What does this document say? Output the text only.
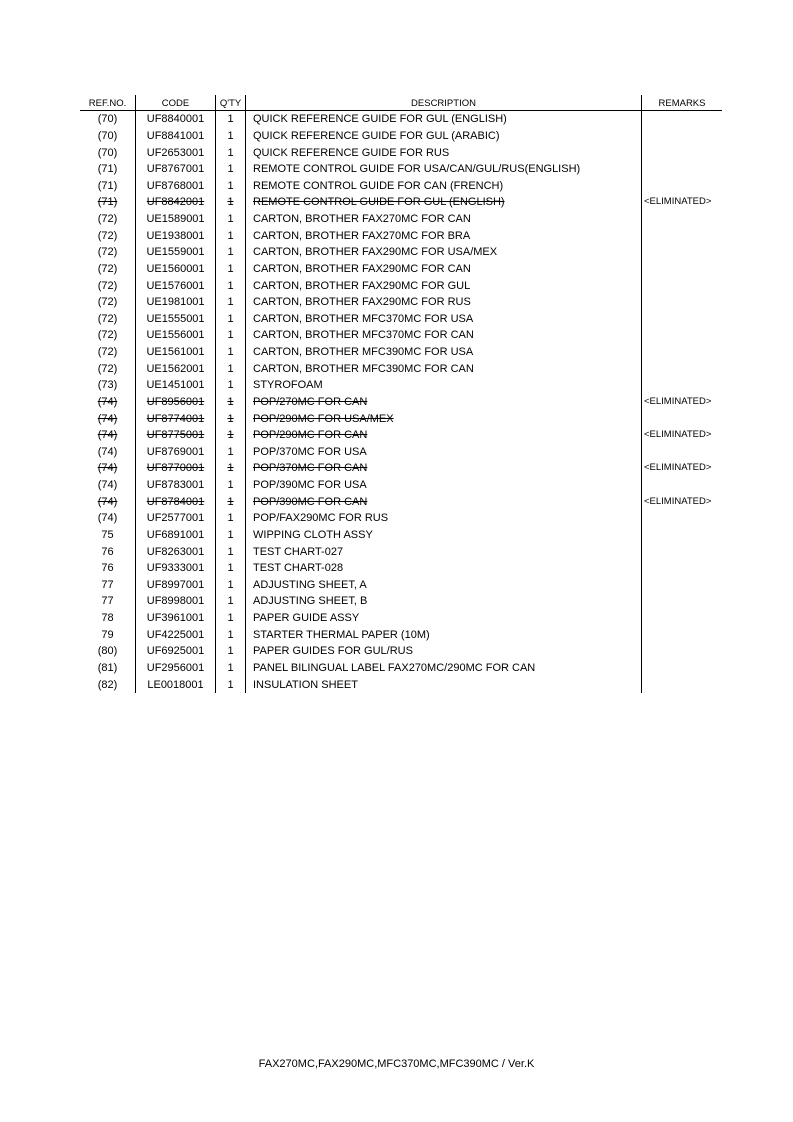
REF.NO.	CODE	Q'TY	DESCRIPTION	REMARKS
(70)	UF8840001	1	QUICK REFERENCE GUIDE FOR GUL (ENGLISH)	
(70)	UF8841001	1	QUICK REFERENCE GUIDE FOR GUL (ARABIC)	
(70)	UF2653001	1	QUICK REFERENCE GUIDE FOR RUS	
(71)	UF8767001	1	REMOTE CONTROL GUIDE FOR USA/CAN/GUL/RUS(ENGLISH)	
(71)	UF8768001	1	REMOTE CONTROL GUIDE FOR CAN (FRENCH)	
(71)	UF8842001	1	REMOTE CONTROL GUIDE FOR GUL (ENGLISH)	<ELIMINATED>
(72)	UE1589001	1	CARTON, BROTHER FAX270MC FOR CAN	
(72)	UE1938001	1	CARTON, BROTHER FAX270MC FOR BRA	
(72)	UE1559001	1	CARTON, BROTHER FAX290MC FOR USA/MEX	
(72)	UE1560001	1	CARTON, BROTHER FAX290MC FOR CAN	
(72)	UE1576001	1	CARTON, BROTHER FAX290MC FOR GUL	
(72)	UE1981001	1	CARTON, BROTHER FAX290MC FOR RUS	
(72)	UE1555001	1	CARTON, BROTHER MFC370MC FOR USA	
(72)	UE1556001	1	CARTON, BROTHER MFC370MC FOR CAN	
(72)	UE1561001	1	CARTON, BROTHER MFC390MC FOR USA	
(72)	UE1562001	1	CARTON, BROTHER MFC390MC FOR CAN	
(73)	UE1451001	1	STYROFOAM	
(74)	UF8956001	1	POP/270MC FOR CAN	<ELIMINATED>
(74)	UF8774001	1	POP/290MC FOR USA/MEX	
(74)	UF8775001	1	POP/290MC FOR CAN	<ELIMINATED>
(74)	UF8769001	1	POP/370MC FOR USA	
(74)	UF8770001	1	POP/370MC FOR CAN	<ELIMINATED>
(74)	UF8783001	1	POP/390MC FOR USA	
(74)	UF8784001	1	POP/390MC FOR CAN	<ELIMINATED>
(74)	UF2577001	1	POP/FAX290MC FOR RUS	
75	UF6891001	1	WIPPING CLOTH ASSY	
76	UF8263001	1	TEST CHART-027	
76	UF9333001	1	TEST CHART-028	
77	UF8997001	1	ADJUSTING SHEET, A	
77	UF8998001	1	ADJUSTING SHEET, B	
78	UF3961001	1	PAPER GUIDE ASSY	
79	UF4225001	1	STARTER THERMAL PAPER (10M)	
(80)	UF6925001	1	PAPER GUIDES FOR GUL/RUS	
(81)	UF2956001	1	PANEL BILINGUAL LABEL FAX270MC/290MC FOR CAN	
(82)	LE0018001	1	INSULATION SHEET	
FAX270MC,FAX290MC,MFC370MC,MFC390MC / Ver.K
